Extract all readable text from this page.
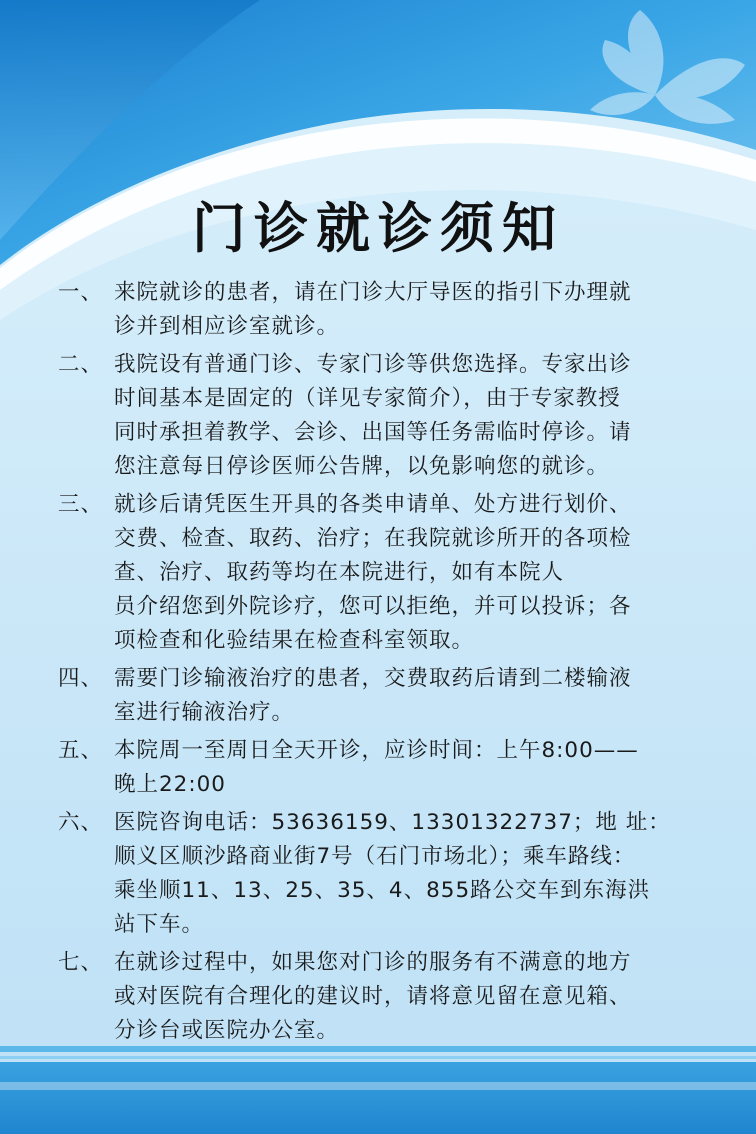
门诊就诊须知
一、 来院就诊的患者，请在门诊大厅导医的指引下办理就
诊并到相应诊室就诊。
二、 我院设有普通门诊、专家门诊等供您选择。专家出诊
时间基本是固定的（详见专家简介），由于专家教授
同时承担着教学、会诊、出国等任务需临时停诊。请
您注意每日停诊医师公告牌，以免影响您的就诊。
三、 就诊后请凭医生开具的各类申请单、处方进行划价、
交费、检查、取药、治疗；在我院就诊所开的各项检
查、治疗、取药等均在本院进行，如有本院人
员介绍您到外院诊疗，您可以拒绝，并可以投诉；各
项检查和化验结果在检查科室领取。
四、 需要门诊输液治疗的患者，交费取药后请到二楼输液
室进行输液治疗。
五、 本院周一至周日全天开诊，应诊时间：上午8:00——
晚上22:00
六、 医院咨询电话：53636159、13301322737；地 址：
顺义区顺沙路商业街7号（石门市场北）；乘车路线：
乘坐顺11、13、25、35、4、855路公交车到东海洪
站下车。
七、 在就诊过程中，如果您对门诊的服务有不满意的地方
或对医院有合理化的建议时，请将意见留在意见箱、
分诊台或医院办公室。
